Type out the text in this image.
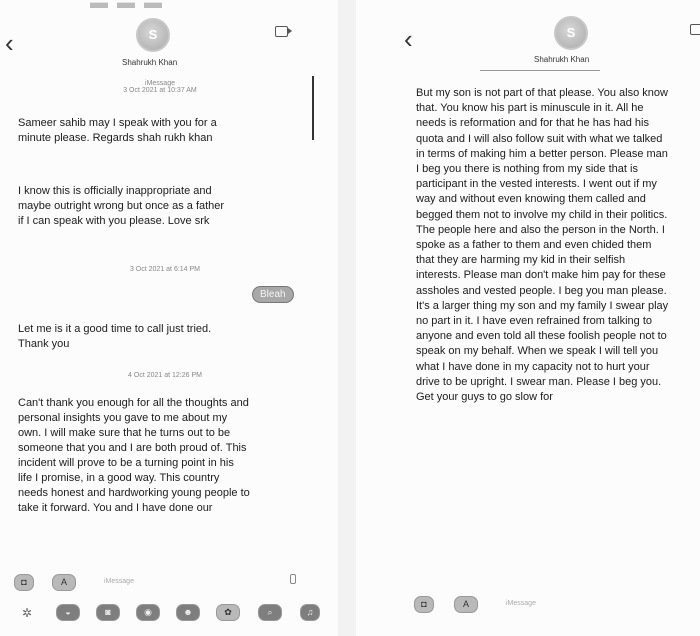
‹	S
Shahrukh Khan
iMessage
3 Oct 2021 at 10:37 AM

Sameer sahib may I speak with you for a minute please. Regards shah rukh khan

I know this is officially inappropriate and maybe outright wrong but once as a father if I can speak with you please. Love srk

3 Oct 2021 at 6:14 PM
Bleah

Let me is it a good time to call just tried. Thank you

4 Oct 2021 at 12:26 PM

Can't thank you enough for all the thoughts and personal insights you gave to me about my own. I will make sure that he turns out to be someone that you and I are both proud of. This incident will prove to be a turning point in his life I promise, in a good way. This country needs honest and hardworking young people to take it forward. You and I have done our

◘	A	iMessage
✲	◒	◙	◉	☻	✿	⌕	♫
▬ ▬ ▬
‹	S
Shahrukh Khan

But my son is not part of that please. You also know that. You know his part is minuscule in it. All he needs is reformation and for that he has had his quota and I will also follow suit with what we talked in terms of making him a better person. Please man I beg you there is nothing from my side that is participant in the vested interests. I went out if my way and without even knowing them called and begged them not to involve my child in their politics. The people here and also the person in the North. I spoke as a father to them and even chided them that they are harming my kid in their selfish interests. Please man don't make him pay for these assholes and vested people. I beg you man please. It's a larger thing my son and my family I swear play no part in it. I have even refrained from talking to anyone and even told all these foolish people not to speak on my behalf. When we speak I will tell you what I have done in my capacity not to hurt your drive to be upright. I swear man. Please I beg you. Get your guys to go slow for

◘	A	iMessage
